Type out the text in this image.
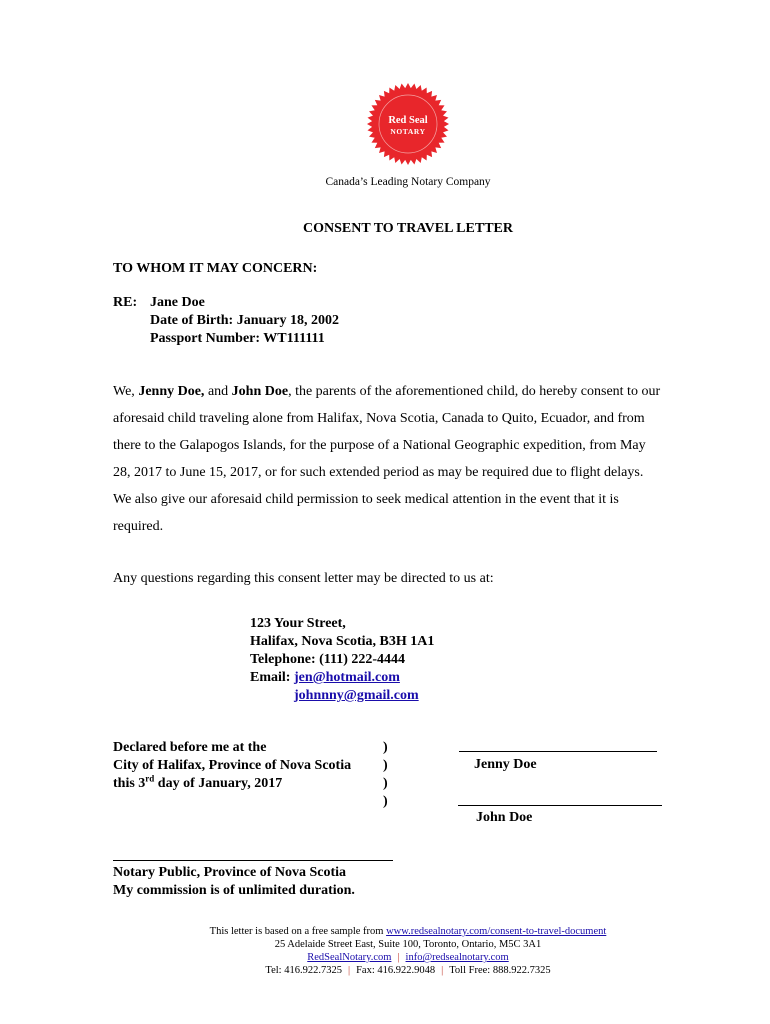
Red Seal
NOTARY
Canada’s Leading Notary Company
CONSENT TO TRAVEL LETTER
TO WHOM IT MAY CONCERN:
RE: Jane Doe
Date of Birth: January 18, 2002
Passport Number: WT111111
We, Jenny Doe, and John Doe, the parents of the aforementioned child, do hereby consent to our
aforesaid child traveling alone from Halifax, Nova Scotia, Canada to Quito, Ecuador, and from
there to the Galapogos Islands, for the purpose of a National Geographic expedition, from May
28, 2017 to June 15, 2017, or for such extended period as may be required due to flight delays.
We also give our aforesaid child permission to seek medical attention in the event that it is
required.
Any questions regarding this consent letter may be directed to us at:
123 Your Street,
Halifax, Nova Scotia, B3H 1A1
Telephone: (111) 222-4444
Email: jen@hotmail.com
johnnny@gmail.com
Declared before me at the
City of Halifax, Province of Nova Scotia
this 3rd day of January, 2017
)
)
)
)
Jenny Doe
John Doe
Notary Public, Province of Nova Scotia
My commission is of unlimited duration.
This letter is based on a free sample from www.redsealnotary.com/consent-to-travel-document
25 Adelaide Street East, Suite 100, Toronto, Ontario, M5C 3A1
RedSealNotary.com | info@redsealnotary.com
Tel: 416.922.7325 | Fax: 416.922.9048 | Toll Free: 888.922.7325
